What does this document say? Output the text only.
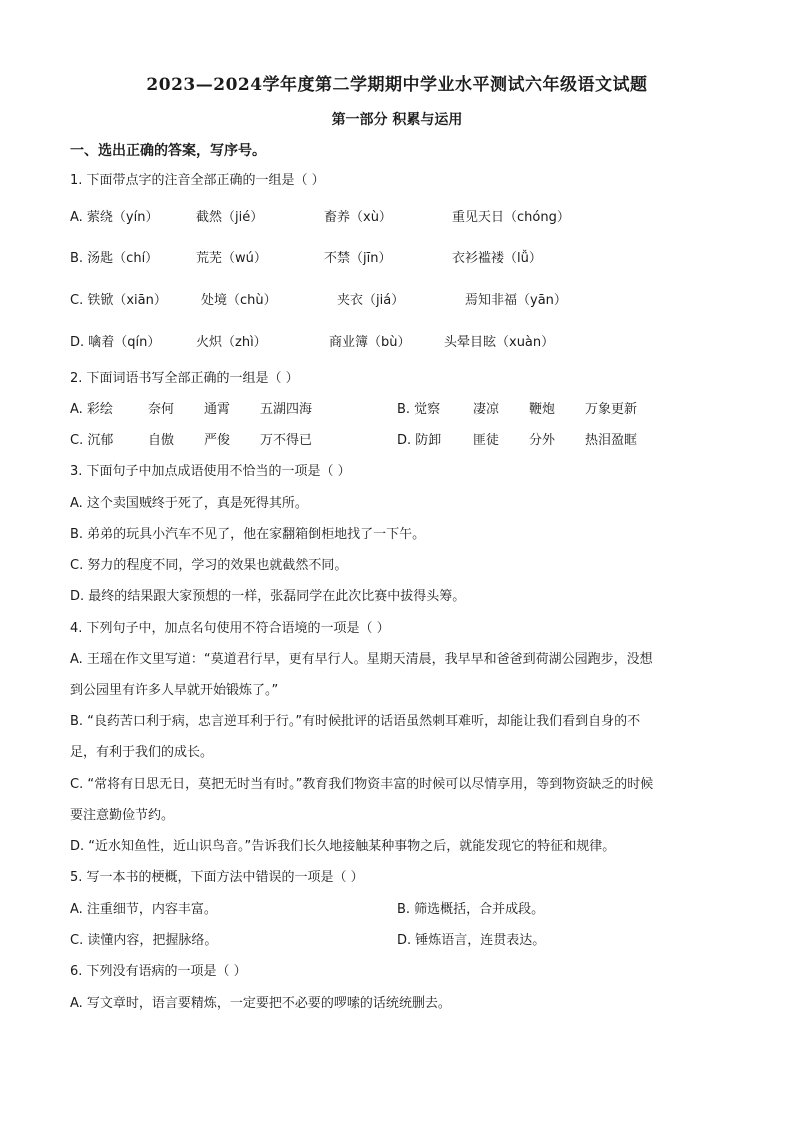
2023—2024学年度第二学期期中学业水平测试六年级语文试题
第一部分 积累与运用
一、选出正确的答案，写序号。
1. 下面带点字的注音全部正确的一组是（ ）
A. 萦绕（yín）	截然（jié）	畜养（xù）	重见天日（chóng）
B. 汤匙（chí）	荒芜（wú）	不禁（jīn）	衣衫褴褛（lǚ）
C. 铁锨（xiān）	处境（chù）	夹衣（jiá）	焉知非福（yān）
D. 噙着（qín）	火炽（zhì）	商业簿（bù）	头晕目眩（xuàn）
2. 下面词语书写全部正确的一组是（ ）
A. 彩绘	奈何 通霄 五湖四海	B. 觉察	凄凉 鞭炮 万象更新
C. 沉郁	自傲 严俊 万不得已	D. 防卸 匪徒 分外 热泪盈眶
3. 下面句子中加点成语使用不恰当的一项是（ ）
A. 这个卖国贼终于死了，真是死得其所。
B. 弟弟的玩具小汽车不见了，他在家翻箱倒柜地找了一下午。
C. 努力的程度不同，学习的效果也就截然不同。
D. 最终的结果跟大家预想的一样，张磊同学在此次比赛中拔得头筹。
4. 下列句子中，加点名句使用不符合语境的一项是（ ）
A. 王瑶在作文里写道：“莫道君行早，更有早行人。星期天清晨，我早早和爸爸到荷湖公园跑步，没想
到公园里有许多人早就开始锻炼了。”
B. “良药苦口利于病，忠言逆耳利于行。”有时候批评的话语虽然刺耳难听，却能让我们看到自身的不
足，有利于我们的成长。
C. “常将有日思无日，莫把无时当有时。”教育我们物资丰富的时候可以尽情享用，等到物资缺乏的时候
要注意勤俭节约。
D. “近水知鱼性，近山识鸟音。”告诉我们长久地接触某种事物之后，就能发现它的特征和规律。
5. 写一本书的梗概，下面方法中错误的一项是（ ）
A. 注重细节，内容丰富。	B. 筛选概括，合并成段。
C. 读懂内容，把握脉络。	D. 锤炼语言，连贯表达。
6. 下列没有语病的一项是（ ）
A. 写文章时，语言要精炼，一定要把不必要的啰嗦的话统统删去。
